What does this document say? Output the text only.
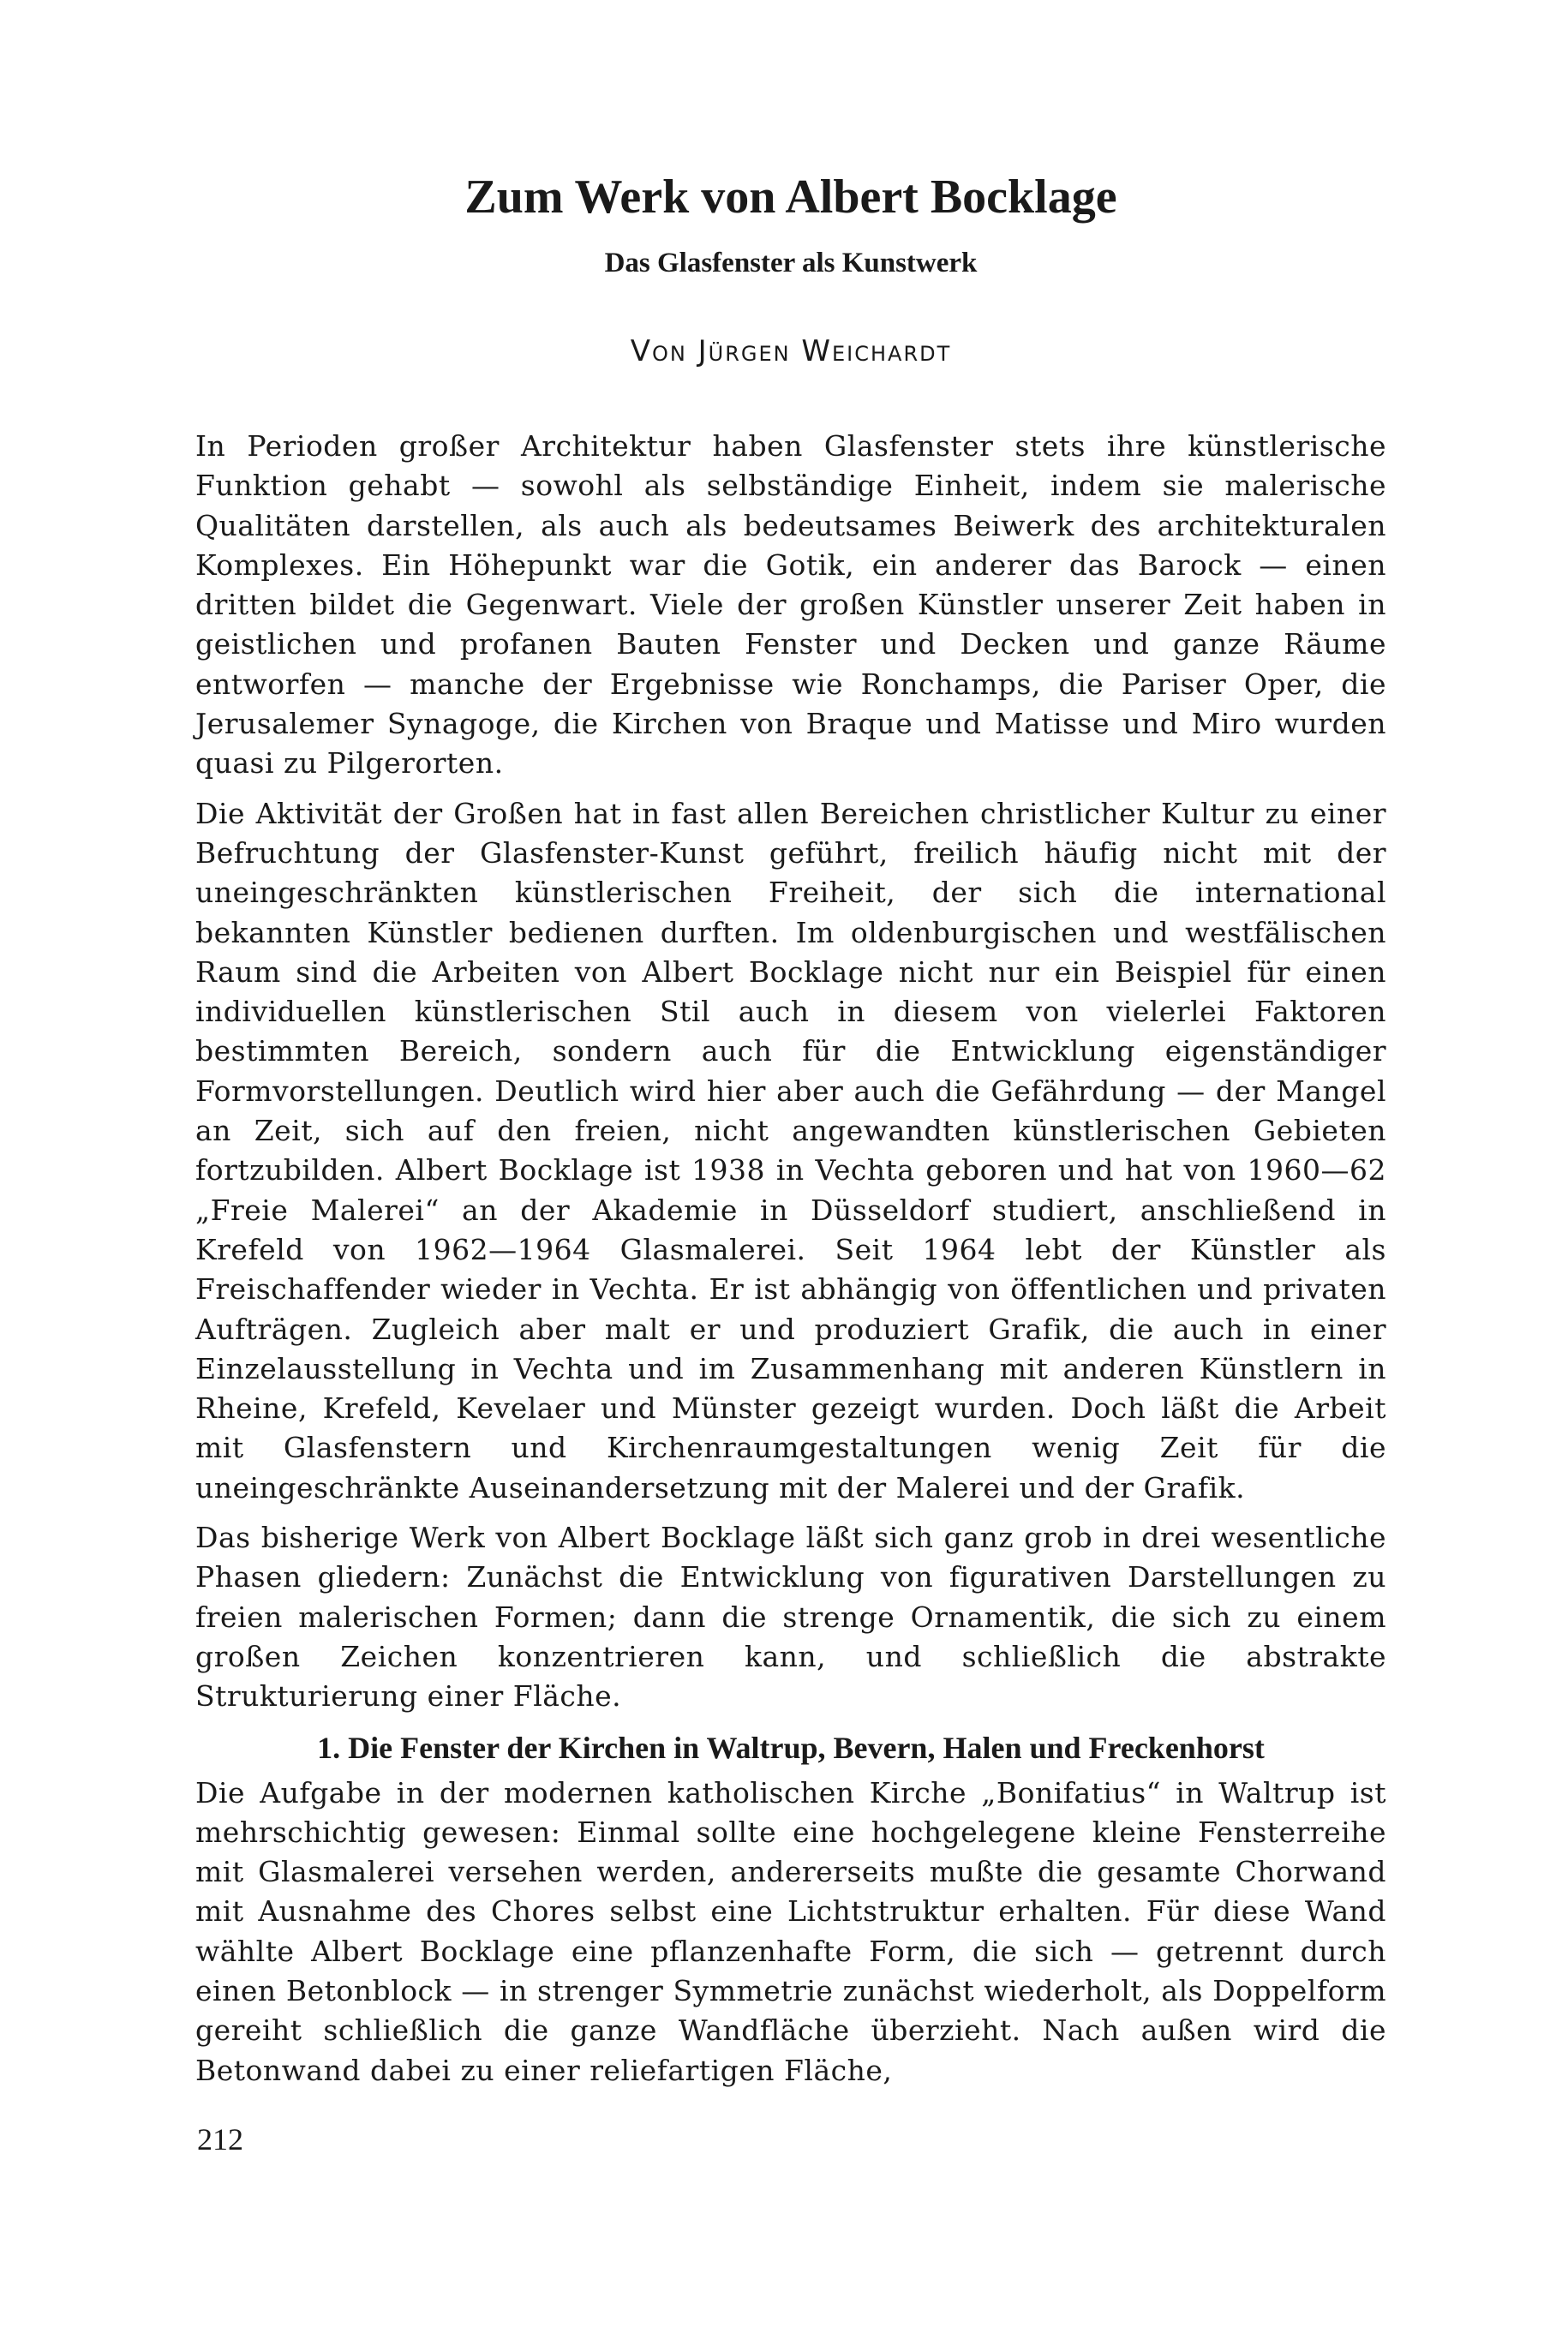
Zum Werk von Albert Bocklage
Das Glasfenster als Kunstwerk

Von Jürgen Weichardt

In Perioden großer Architektur haben Glasfenster stets ihre künstlerische Funktion gehabt — sowohl als selbständige Einheit, indem sie malerische Qualitäten darstellen, als auch als bedeutsames Beiwerk des architekturalen Komplexes. Ein Höhepunkt war die Gotik, ein anderer das Barock — einen dritten bildet die Gegenwart. Viele der großen Künstler unserer Zeit haben in geistlichen und profanen Bauten Fenster und Decken und ganze Räume entworfen — manche der Ergebnisse wie Ronchamps, die Pariser Oper, die Jerusalemer Synagoge, die Kirchen von Braque und Matisse und Miro wurden quasi zu Pilgerorten.

Die Aktivität der Großen hat in fast allen Bereichen christlicher Kultur zu einer Befruchtung der Glasfenster-Kunst geführt, freilich häufig nicht mit der uneingeschränkten künstlerischen Freiheit, der sich die international bekannten Künstler bedienen durften. Im oldenburgischen und westfälischen Raum sind die Arbeiten von Albert Bocklage nicht nur ein Beispiel für einen individuellen künstlerischen Stil auch in diesem von vielerlei Faktoren bestimmten Bereich, sondern auch für die Entwicklung eigenständiger Formvorstellungen. Deutlich wird hier aber auch die Gefährdung — der Mangel an Zeit, sich auf den freien, nicht angewandten künstlerischen Gebieten fortzubilden. Albert Bocklage ist 1938 in Vechta geboren und hat von 1960—62 „Freie Malerei“ an der Akademie in Düsseldorf studiert, anschließend in Krefeld von 1962—1964 Glasmalerei. Seit 1964 lebt der Künstler als Freischaffender wieder in Vechta. Er ist abhängig von öffentlichen und privaten Aufträgen. Zugleich aber malt er und produziert Grafik, die auch in einer Einzelausstellung in Vechta und im Zusammenhang mit anderen Künstlern in Rheine, Krefeld, Kevelaer und Münster gezeigt wurden. Doch läßt die Arbeit mit Glasfenstern und Kirchenraumgestaltungen wenig Zeit für die uneingeschränkte Auseinandersetzung mit der Malerei und der Grafik.

Das bisherige Werk von Albert Bocklage läßt sich ganz grob in drei wesentliche Phasen gliedern: Zunächst die Entwicklung von figurativen Darstellungen zu freien malerischen Formen; dann die strenge Ornamentik, die sich zu einem großen Zeichen konzentrieren kann, und schließlich die abstrakte Strukturierung einer Fläche.

1. Die Fenster der Kirchen in Waltrup, Bevern, Halen und Freckenhorst

Die Aufgabe in der modernen katholischen Kirche „Bonifatius“ in Waltrup ist mehrschichtig gewesen: Einmal sollte eine hochgelegene kleine Fensterreihe mit Glasmalerei versehen werden, andererseits mußte die gesamte Chorwand mit Ausnahme des Chores selbst eine Lichtstruktur erhalten. Für diese Wand wählte Albert Bocklage eine pflanzenhafte Form, die sich — getrennt durch einen Betonblock — in strenger Symmetrie zunächst wiederholt, als Doppelform gereiht schließlich die ganze Wandfläche überzieht. Nach außen wird die Betonwand dabei zu einer reliefartigen Fläche,

212
